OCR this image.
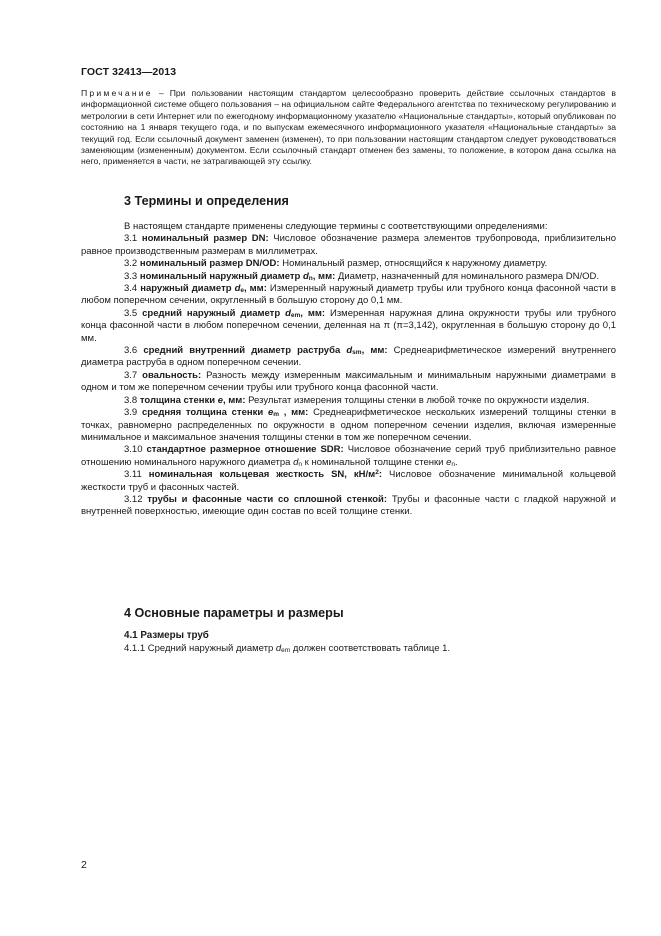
ГОСТ 32413—2013
Примечание – При пользовании настоящим стандартом целесообразно проверить действие ссылочных стандартов в информационной системе общего пользования – на официальном сайте Федерального агентства по техническому регулированию и метрологии в сети Интернет или по ежегодному информационному указателю «Национальные стандарты», который опубликован по состоянию на 1 января текущего года, и по выпускам ежемесячного информационного указателя «Национальные стандарты» за текущий год. Если ссылочный документ заменен (изменен), то при пользовании настоящим стандартом следует руководствоваться заменяющим (измененным) документом. Если ссылочный стандарт отменен без замены, то положение, в котором дана ссылка на него, применяется в части, не затрагивающей эту ссылку.
3 Термины и определения

В настоящем стандарте применены следующие термины с соответствующими определениями:

3.1 номинальный размер DN: Числовое обозначение размера элементов трубопровода, приблизительно равное производственным размерам в миллиметрах.

3.2 номинальный размер DN/OD: Номинальный размер, относящийся к наружному диаметру.

3.3 номинальный наружный диаметр $d_n$, мм: Диаметр, назначенный для номинального размера DN/OD.

3.4 наружный диаметр $d_e$, мм: Измеренный наружный диаметр трубы или трубного конца фасонной части в любом поперечном сечении, округленный в большую сторону до 0,1 мм.

3.5 средний наружный диаметр $d_{em}$, мм: Измеренная наружная длина окружности трубы или трубного конца фасонной части в любом поперечном сечении, деленная на π (π=3,142), округленная в большую сторону до 0,1 мм.

3.6 средний внутренний диаметр раструба $d_{sm}$, мм: Среднеарифметическое измерений внутреннего диаметра раструба в одном поперечном сечении.

3.7 овальность: Разность между измеренным максимальным и минимальным наружными диаметрами в одном и том же поперечном сечении трубы или трубного конца фасонной части.

3.8 толщина стенки e, мм: Результат измерения толщины стенки в любой точке по окружности изделия.

3.9 средняя толщина стенки $e_m$ , мм: Среднеарифметическое нескольких измерений толщины стенки в точках, равномерно распределенных по окружности в одном поперечном сечении изделия, включая измеренные минимальное и максимальное значения толщины стенки в том же поперечном сечении.

3.10 стандартное размерное отношение SDR: Числовое обозначение серий труб приблизительно равное отношению номинального наружного диаметра $d_n$ к номинальной толщине стенки $e_n$.

3.11 номинальная кольцевая жесткость SN, $кН/м^2$: Числовое обозначение минимальной кольцевой жесткости труб и фасонных частей.

3.12 трубы и фасонные части со сплошной стенкой: Трубы и фасонные части с гладкой наружной и внутренней поверхностью, имеющие один состав по всей толщине стенки.

4 Основные параметры и размеры
4.1 Размеры труб
4.1.1 Средний наружный диаметр $d_{em}$ должен соответствовать таблице 1.
2
